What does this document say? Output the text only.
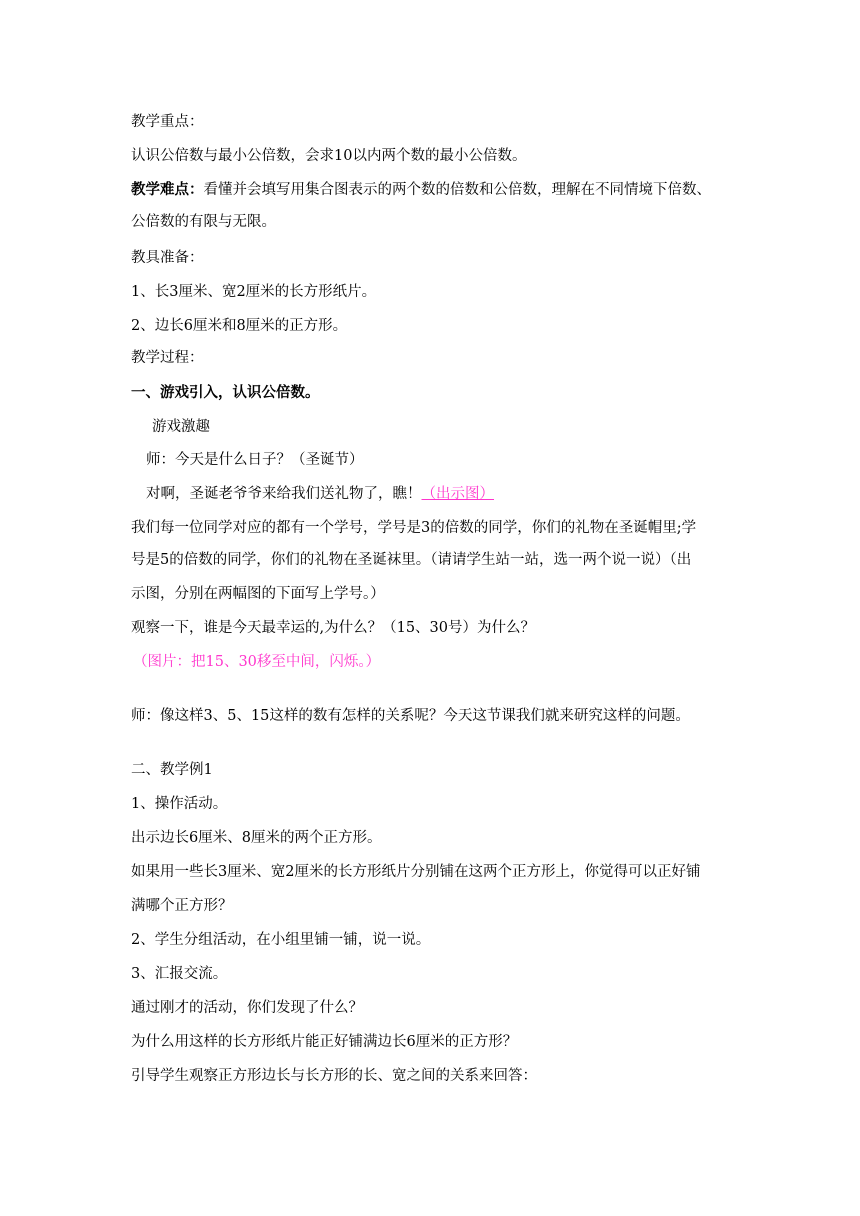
教学重点：
认识公倍数与最小公倍数，会求10以内两个数的最小公倍数。
教学难点：看懂并会填写用集合图表示的两个数的倍数和公倍数，理解在不同情境下倍数、
公倍数的有限与无限。
教具准备：
1、长3厘米、宽2厘米的长方形纸片。
2、边长6厘米和8厘米的正方形。
教学过程：
一、游戏引入，认识公倍数。
游戏激趣
师：今天是什么日子？（圣诞节）
对啊，圣诞老爷爷来给我们送礼物了，瞧！（出示图）
我们每一位同学对应的都有一个学号，学号是3的倍数的同学，你们的礼物在圣诞帽里;学
号是5的倍数的同学，你们的礼物在圣诞袜里。（请请学生站一站，选一两个说一说）（出
示图，分别在两幅图的下面写上学号。）
观察一下，谁是今天最幸运的,为什么？（15、30号）为什么？
（图片：把15、30移至中间，闪烁。）
师：像这样3、5、15这样的数有怎样的关系呢？今天这节课我们就来研究这样的问题。
二、教学例1
1、操作活动。
出示边长6厘米、8厘米的两个正方形。
如果用一些长3厘米、宽2厘米的长方形纸片分别铺在这两个正方形上，你觉得可以正好铺
满哪个正方形？
2、学生分组活动，在小组里铺一铺，说一说。
3、汇报交流。
通过刚才的活动，你们发现了什么？
为什么用这样的长方形纸片能正好铺满边长6厘米的正方形？
引导学生观察正方形边长与长方形的长、宽之间的关系来回答：
